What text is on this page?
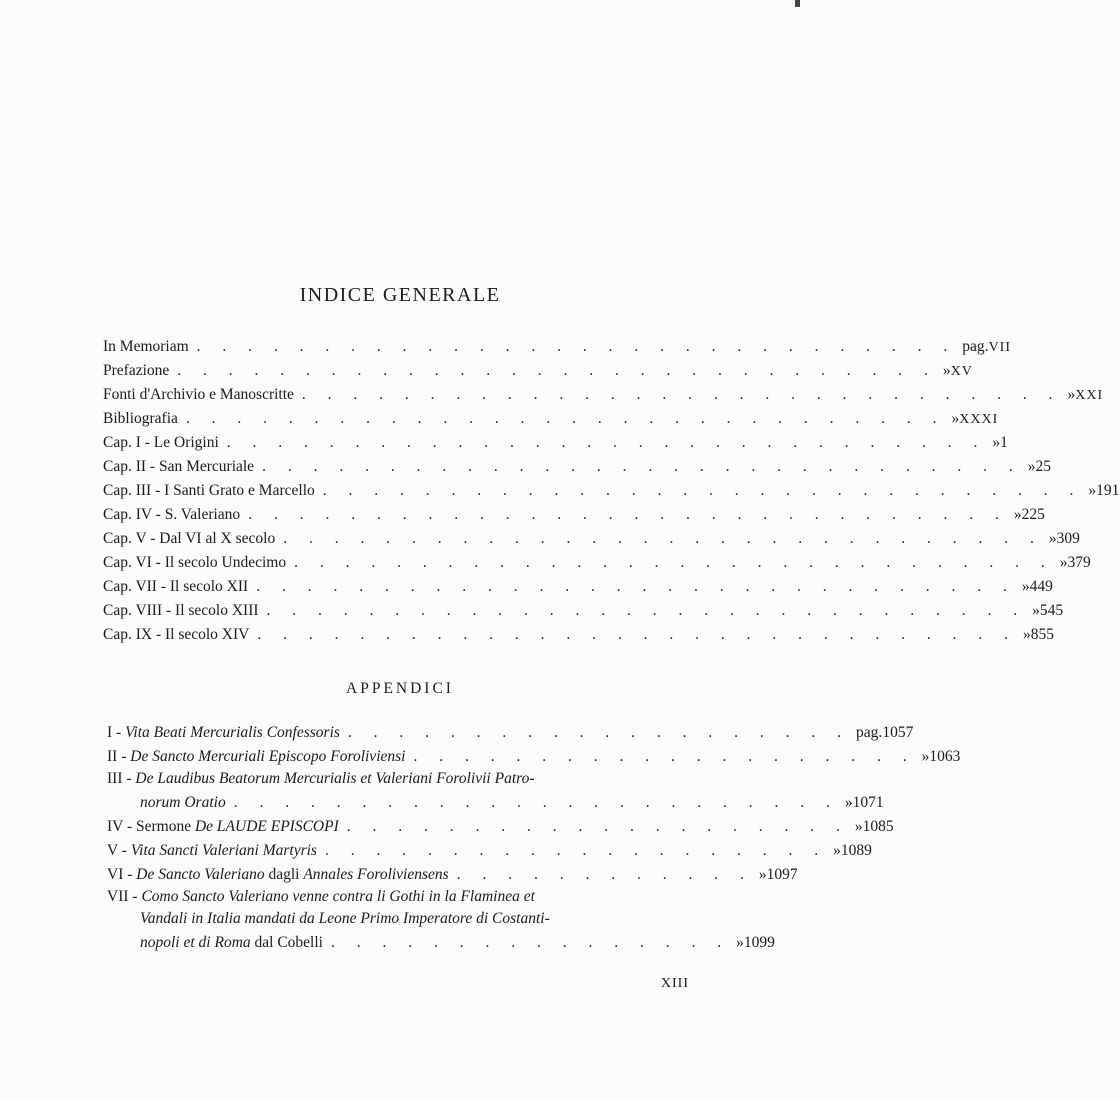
INDICE GENERALE
In Memoriam . . . . . . . . . . . . . . . . . . . . . . . . . . . . . . pag. VII
Prefazione . . . . . . . . . . . . . . . . . . . . . . . . . . . . . . » XV
Fonti d'Archivio e Manoscritte . . . . . . . . . . . . . . . . . . . . . . . . . . . . . . » XXI
Bibliografia . . . . . . . . . . . . . . . . . . . . . . . . . . . . . . » XXXI
Cap. I - Le Origini . . . . . . . . . . . . . . . . . . . . . . . . . . . . . . » 1
Cap. II - San Mercuriale . . . . . . . . . . . . . . . . . . . . . . . . . . . . . . » 25
Cap. III - I Santi Grato e Marcello . . . . . . . . . . . . . . . . . . . . . . . . . . . . . . » 191
Cap. IV - S. Valeriano . . . . . . . . . . . . . . . . . . . . . . . . . . . . . . » 225
Cap. V - Dal VI al X secolo . . . . . . . . . . . . . . . . . . . . . . . . . . . . . . » 309
Cap. VI - Il secolo Undecimo . . . . . . . . . . . . . . . . . . . . . . . . . . . . . . » 379
Cap. VII - Il secolo XII . . . . . . . . . . . . . . . . . . . . . . . . . . . . . . » 449
Cap. VIII - Il secolo XIII . . . . . . . . . . . . . . . . . . . . . . . . . . . . . . » 545
Cap. IX - Il secolo XIV . . . . . . . . . . . . . . . . . . . . . . . . . . . . . . » 855
APPENDICI
I - Vita Beati Mercurialis Confessoris . . . . . . . . . . . . . . . . . . . . pag. 1057
II - De Sancto Mercuriali Episcopo Foroliviensi . . . . . . . . . . . . . . . . . . . . » 1063
III - De Laudibus Beatorum Mercurialis et Valeriani Forolivii Patro-
norum Oratio . . . . . . . . . . . . . . . . . . . . . . . . » 1071
IV - Sermone De LAUDE EPISCOPI . . . . . . . . . . . . . . . . . . . . » 1085
V - Vita Sancti Valeriani Martyris . . . . . . . . . . . . . . . . . . . . » 1089
VI - De Sancto Valeriano dagli Annales Foroliviensens . . . . . . . . . . . . » 1097
VII - Como Sancto Valeriano venne contra li Gothi in la Flaminea et
Vandali in Italia mandati da Leone Primo Imperatore di Costanti-
nopoli et di Roma dal Cobelli . . . . . . . . . . . . . . . . » 1099
XIII
